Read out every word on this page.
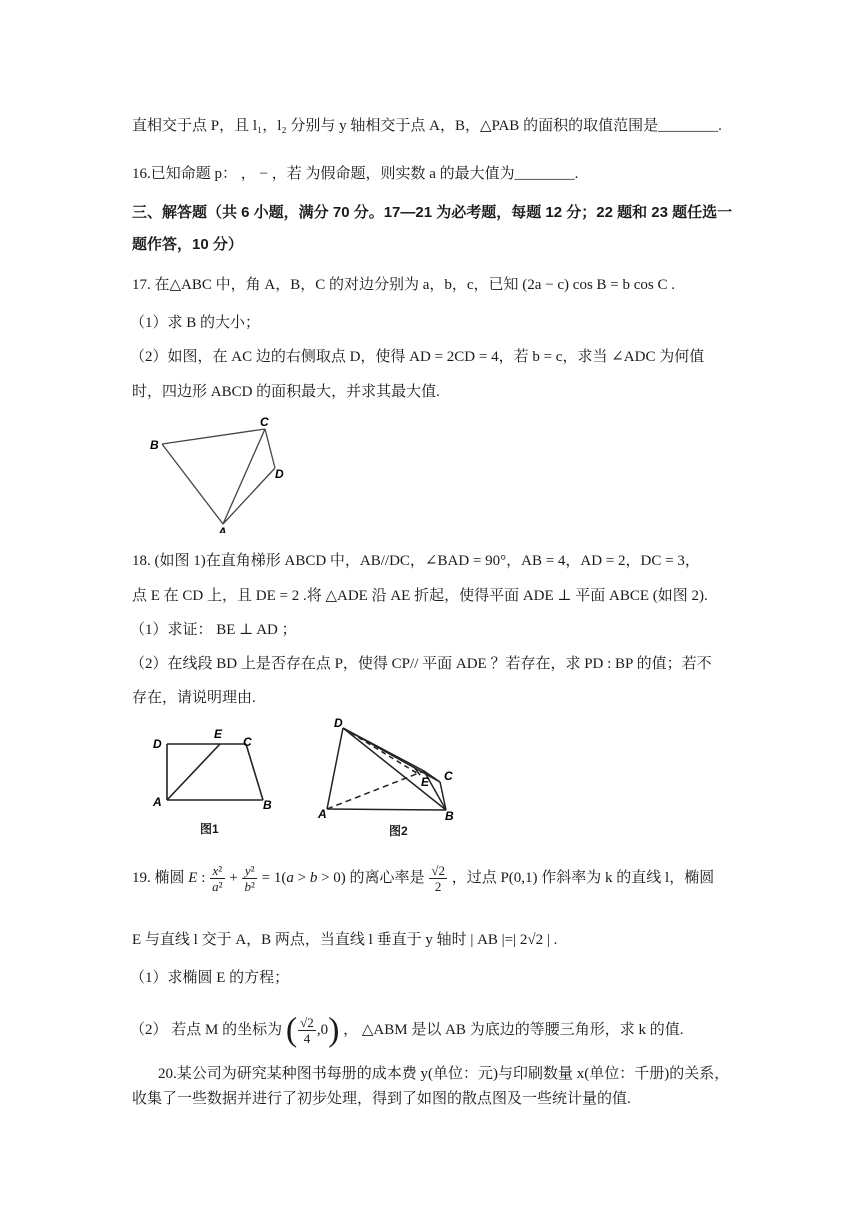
直相交于点 P，且 l₁，l₂ 分别与 y 轴相交于点 A，B，△PAB 的面积的取值范围是________.
16.已知命题 p： ， − ，若 为假命题，则实数 a 的最大值为________.
三、解答题（共 6 小题，满分 70 分。17—21 为必考题，每题 12 分；22 题和 23 题任选一
题作答，10 分）
17. 在△ABC 中，角 A，B，C 的对边分别为 a，b，c，已知 (2a − c) cos B = b cos C .
（1）求 B 的大小；
（2）如图，在 AC 边的右侧取点 D，使得 AD = 2CD = 4，若 b = c，求当 ∠ADC 为何值
时，四边形 ABCD 的面积最大，并求其最大值.
B
C
D
A
18. (如图 1)在直角梯形 ABCD 中，AB//DC，∠BAD = 90°，AB = 4，AD = 2，DC = 3，
点 E 在 CD 上，且 DE = 2 .将 △ADE 沿 AE 折起，使得平面 ADE ⊥ 平面 ABCE (如图 2).
（1）求证： BE ⊥ AD ；
（2）在线段 BD 上是否存在点 P，使得 CP// 平面 ADE ？若存在，求 PD : BP 的值；若不
存在，请说明理由.
D
E
C
A	B
图1
D
E C
A	B
图2
19. 椭圆 E : $\frac{\text{x²}}{\text{a²}} + \frac{\text{y²}}{\text{b²}} = 1(a > b > 0)$ 的离心率是 $\frac{√2}{2}$ ，过点 P(0,1) 作斜率为 k 的直线 l，椭圆
E 与直线 l 交于 A，B 两点，当直线 l 垂直于 y 轴时 | AB |=| 2√2 | .
（1）求椭圆 E 的方程；
（2） 若点 M 的坐标为 ( $\frac{√2}{4} ,0$) ， △ABM 是以 AB 为底边的等腰三角形，求 k 的值.
20.某公司为研究某种图书每册的成本费 y(单位：元)与印刷数量 x(单位：千册)的关系，
收集了一些数据并进行了初步处理，得到了如图的散点图及一些统计量的值.
